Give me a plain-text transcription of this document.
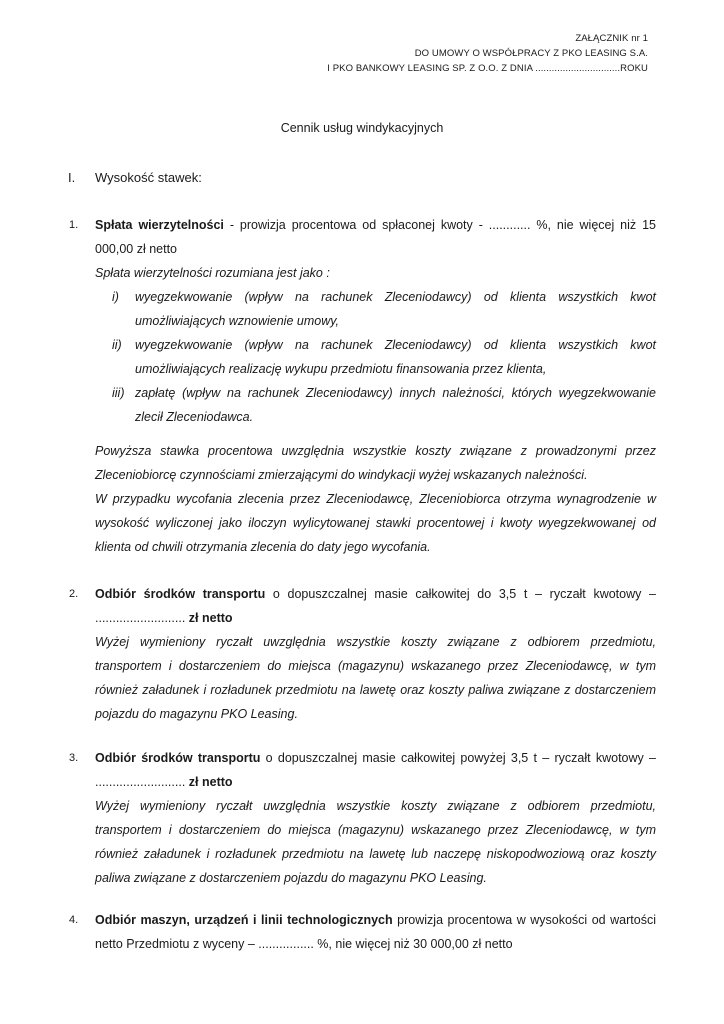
ZAŁĄCZNIK nr 1
DO UMOWY O WSPÓŁPRACY Z PKO LEASING S.A.
I PKO BANKOWY LEASING SP. Z O.O. Z DNIA ...............................ROKU
Cennik usług windykacyjnych
I. Wysokość stawek:
1.	Spłata wierzytelności - prowizja procentowa od spłaconej kwoty - ............ %, nie więcej niż 15 000,00 zł netto

Spłata wierzytelności rozumiana jest jako :

i)	wyegzekwowanie (wpływ na rachunek Zleceniodawcy) od klienta wszystkich kwot umożliwiających wznowienie umowy,
ii)	wyegzekwowanie (wpływ na rachunek Zleceniodawcy) od klienta wszystkich kwot umożliwiających realizację wykupu przedmiotu finansowania przez klienta,
iii) zapłatę (wpływ na rachunek Zleceniodawcy) innych należności, których wyegzekwowanie zlecił Zleceniodawca.

Powyższa stawka procentowa uwzględnia wszystkie koszty związane z prowadzonymi przez Zleceniobiorcę czynnościami zmierzającymi do windykacji wyżej wskazanych należności.

W przypadku wycofania zlecenia przez Zleceniodawcę, Zleceniobiorca otrzyma wynagrodzenie w wysokość wyliczonej jako iloczyn wylicytowanej stawki procentowej i kwoty wyegzekwowanej od klienta od chwili otrzymania zlecenia do daty jego wycofania.

2.	Odbiór środków transportu o dopuszczalnej masie całkowitej do 3,5 t – ryczałt kwotowy – .......................... zł netto

Wyżej wymieniony ryczałt uwzględnia wszystkie koszty związane z odbiorem przedmiotu, transportem i dostarczeniem do miejsca (magazynu) wskazanego przez Zleceniodawcę, w tym również załadunek i rozładunek przedmiotu na lawetę oraz koszty paliwa związane z dostarczeniem pojazdu do magazynu PKO Leasing.

3.	Odbiór środków transportu o dopuszczalnej masie całkowitej powyżej 3,5 t – ryczałt kwotowy – .......................... zł netto

Wyżej wymieniony ryczałt uwzględnia wszystkie koszty związane z odbiorem przedmiotu, transportem i dostarczeniem do miejsca (magazynu) wskazanego przez Zleceniodawcę, w tym również załadunek i rozładunek przedmiotu na lawetę lub naczepę niskopodwoziową oraz koszty paliwa związane z dostarczeniem pojazdu do magazynu PKO Leasing.

4.	Odbiór maszyn, urządzeń i linii technologicznych prowizja procentowa w wysokości od wartości netto Przedmiotu z wyceny – ................ %, nie więcej niż 30 000,00 zł netto
